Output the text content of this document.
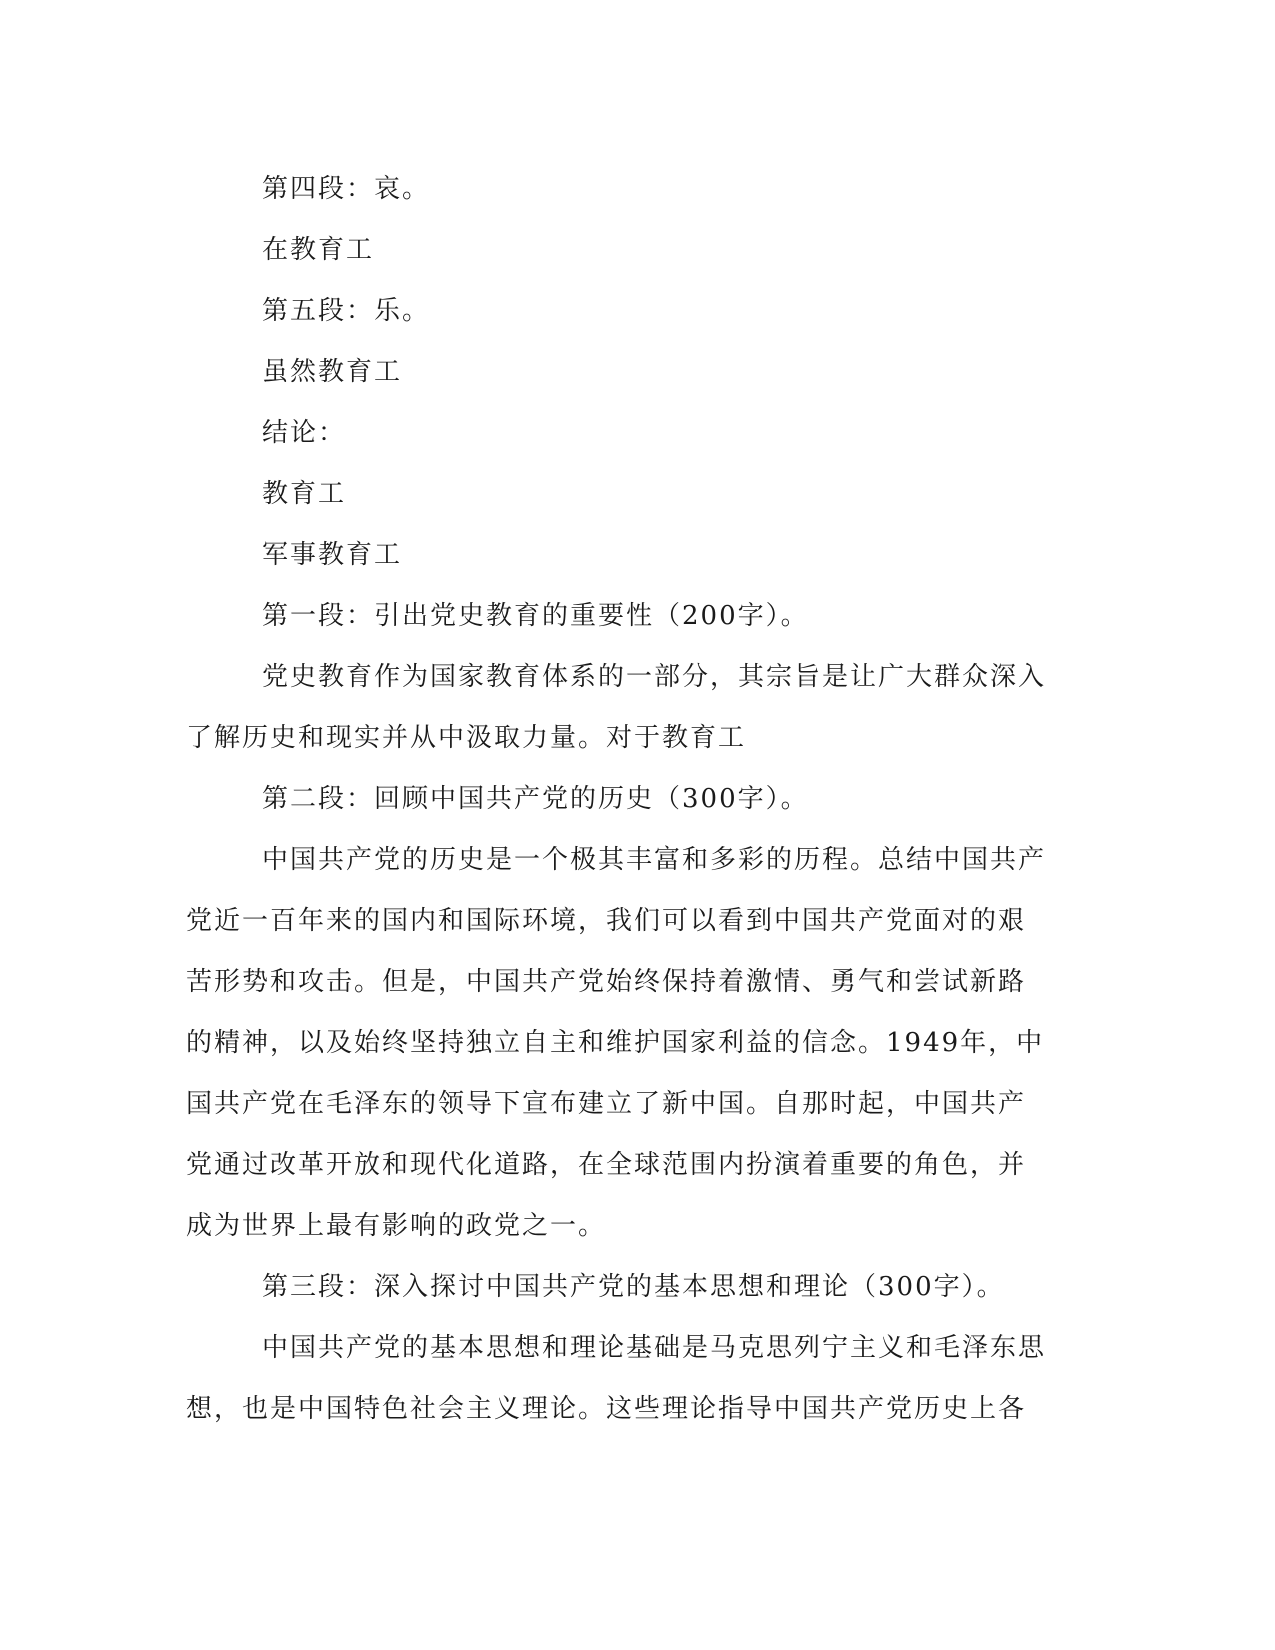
第四段：哀。
在教育工
第五段：乐。
虽然教育工
结论：
教育工
军事教育工
第一段：引出党史教育的重要性（200字）。
党史教育作为国家教育体系的一部分，其宗旨是让广大群众深入
了解历史和现实并从中汲取力量。对于教育工
第二段：回顾中国共产党的历史（300字）。
中国共产党的历史是一个极其丰富和多彩的历程。总结中国共产
党近一百年来的国内和国际环境，我们可以看到中国共产党面对的艰
苦形势和攻击。但是，中国共产党始终保持着激情、勇气和尝试新路
的精神，以及始终坚持独立自主和维护国家利益的信念。1949年，中
国共产党在毛泽东的领导下宣布建立了新中国。自那时起，中国共产
党通过改革开放和现代化道路，在全球范围内扮演着重要的角色，并
成为世界上最有影响的政党之一。
第三段：深入探讨中国共产党的基本思想和理论（300字）。
中国共产党的基本思想和理论基础是马克思列宁主义和毛泽东思
想，也是中国特色社会主义理论。这些理论指导中国共产党历史上各
